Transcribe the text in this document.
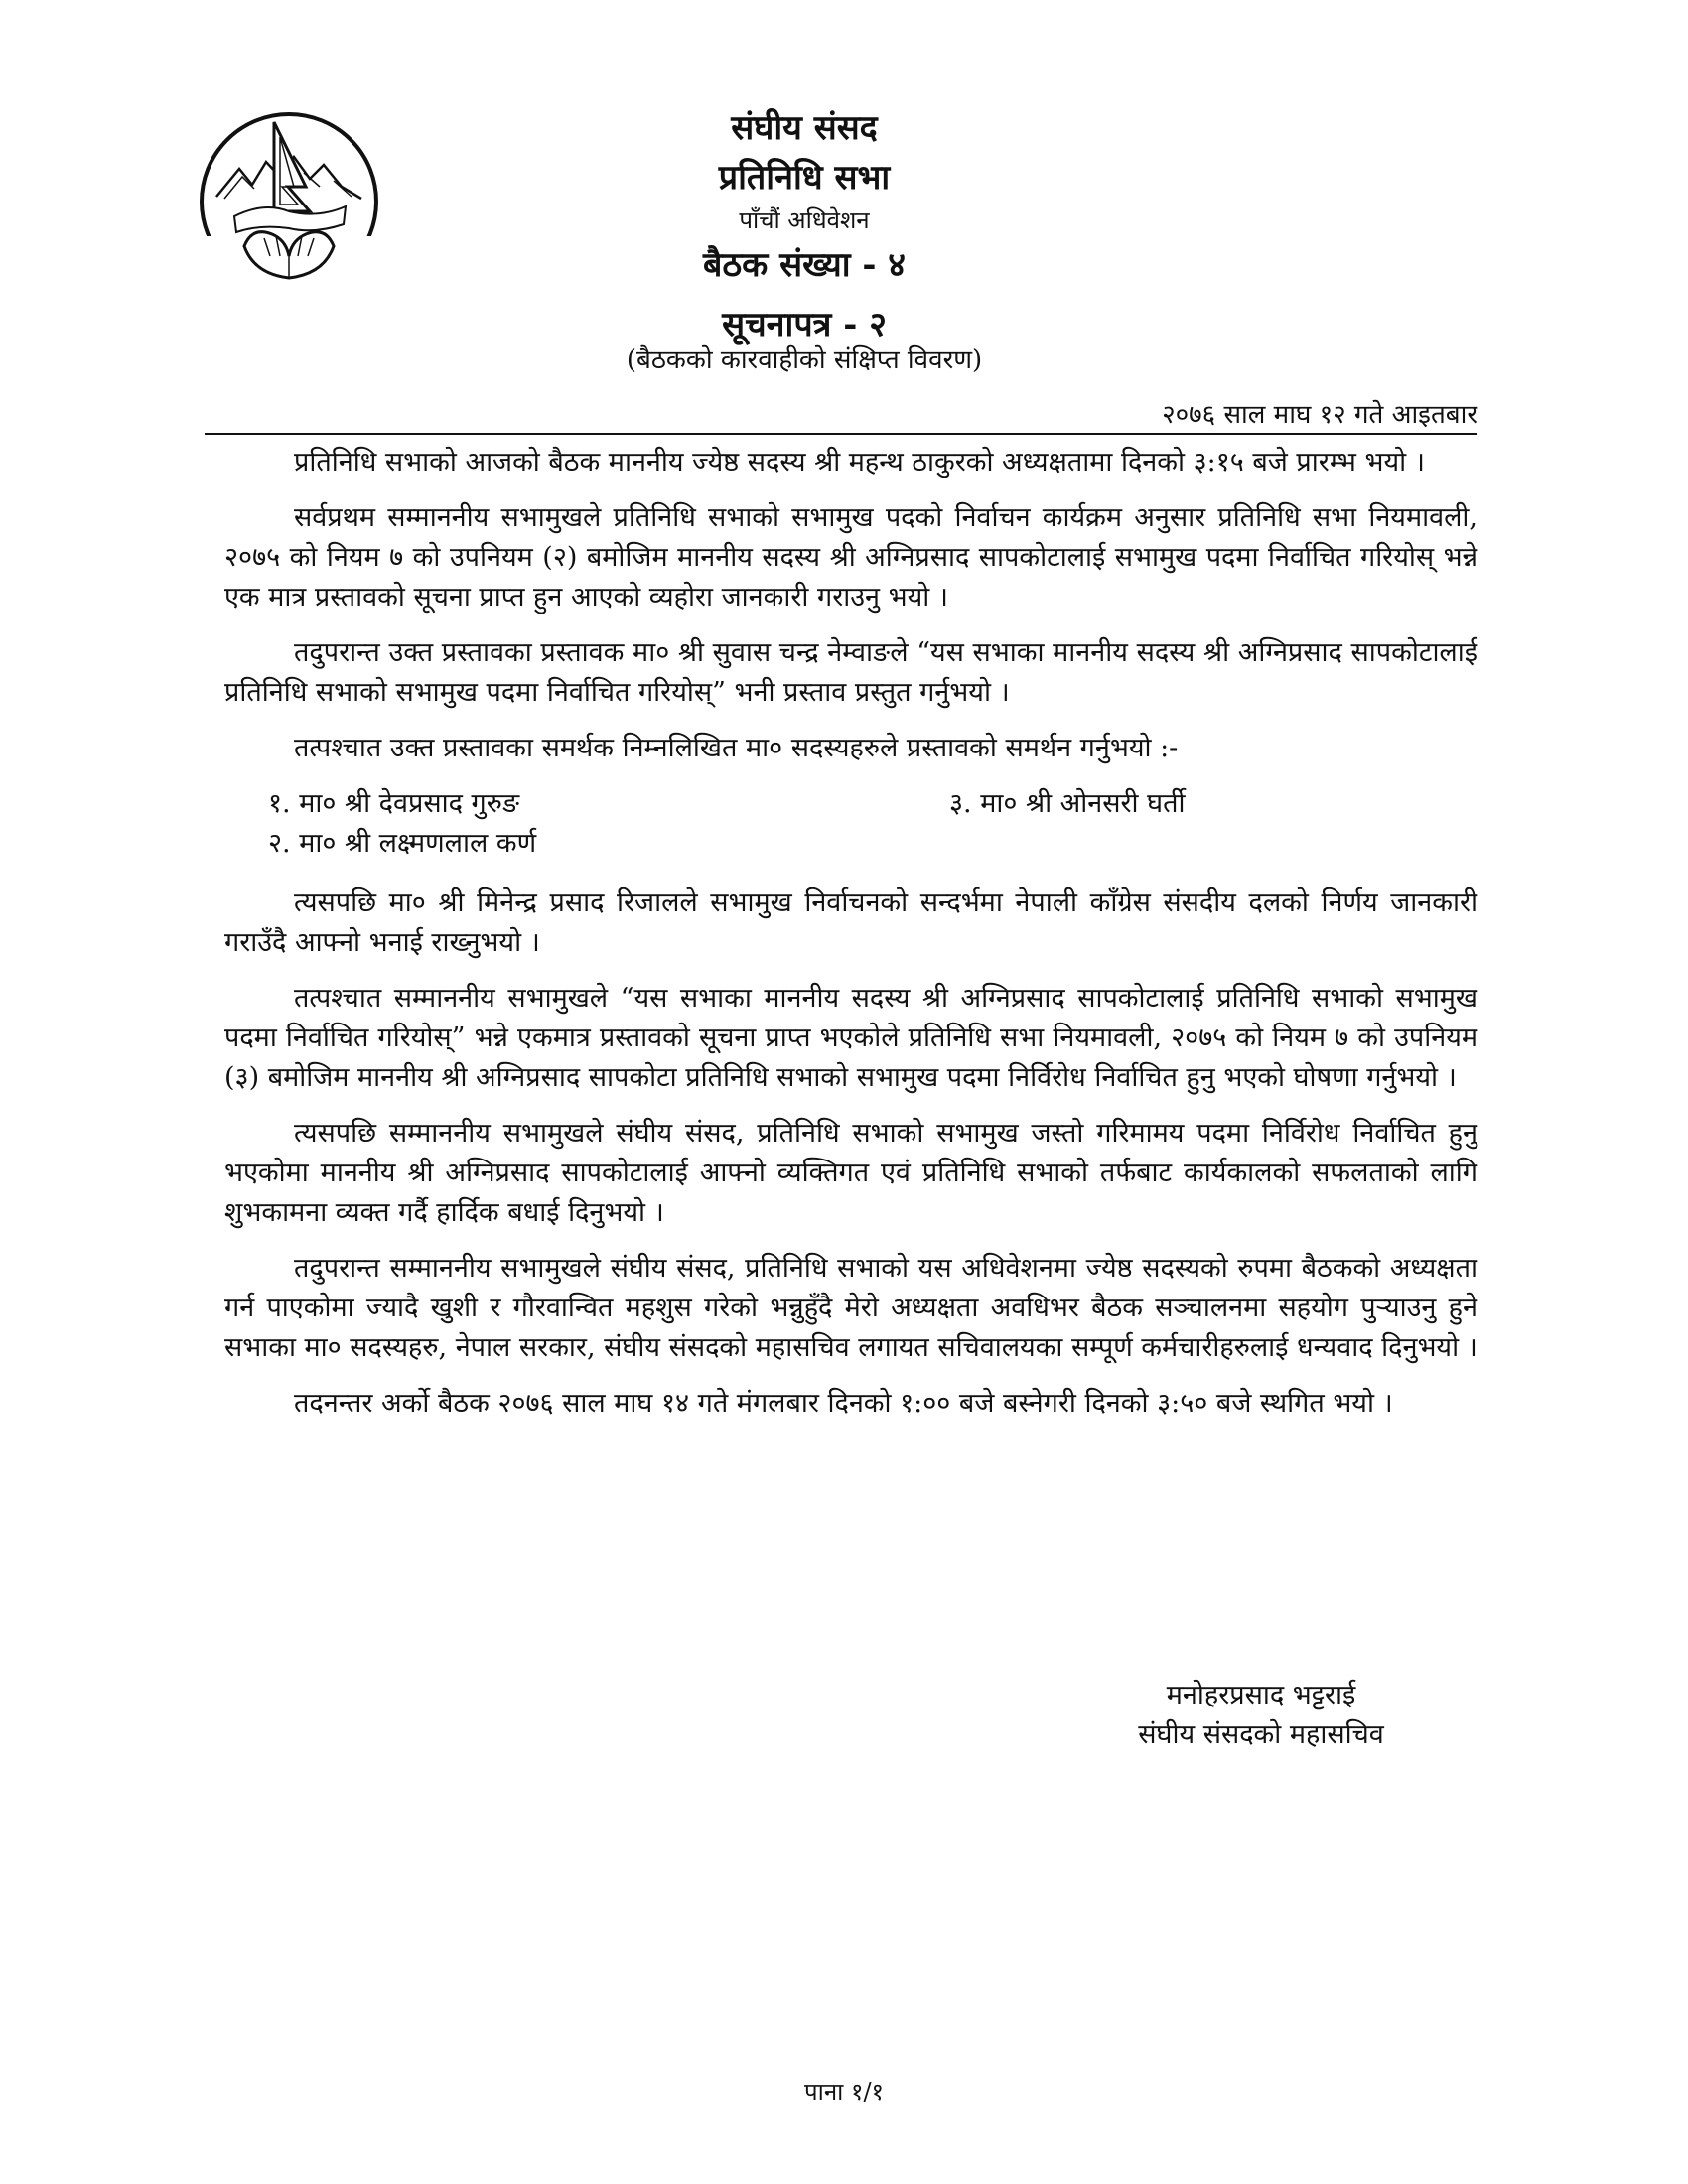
संघीय संसद
प्रतिनिधि सभा
पाँचौं अधिवेशन
बैठक संख्या - ४
सूचनापत्र - २
(बैठकको कारवाहीको संक्षिप्त विवरण)
२०७६ साल माघ १२ गते आइतबार

प्रतिनिधि सभाको आजको बैठक माननीय ज्येष्ठ सदस्य श्री महन्थ ठाकुरको अध्यक्षतामा दिनको ३:१५ बजे प्रारम्भ भयो ।

सर्वप्रथम सम्माननीय सभामुखले प्रतिनिधि सभाको सभामुख पदको निर्वाचन कार्यक्रम अनुसार प्रतिनिधि सभा नियमावली, २०७५ को नियम ७ को उपनियम (२) बमोजिम माननीय सदस्य श्री अग्निप्रसाद सापकोटालाई सभामुख पदमा निर्वाचित गरियोस् भन्ने एक मात्र प्रस्तावको सूचना प्राप्त हुन आएको व्यहोरा जानकारी गराउनु भयो ।

तदुपरान्त उक्त प्रस्तावका प्रस्तावक मा० श्री सुवास चन्द्र नेम्वाङले “यस सभाका माननीय सदस्य श्री अग्निप्रसाद सापकोटालाई प्रतिनिधि सभाको सभामुख पदमा निर्वाचित गरियोस्” भनी प्रस्ताव प्रस्तुत गर्नुभयो ।

तत्पश्चात उक्त प्रस्तावका समर्थक निम्नलिखित मा० सदस्यहरुले प्रस्तावको समर्थन गर्नुभयो :-

१. मा० श्री देवप्रसाद गुरुङ
२. मा० श्री लक्ष्मणलाल कर्ण
३. मा० श्री ओनसरी घर्ती

त्यसपछि मा० श्री मिनेन्द्र प्रसाद रिजालले सभामुख निर्वाचनको सन्दर्भमा नेपाली काँग्रेस संसदीय दलको निर्णय जानकारी गराउँदै आफ्नो भनाई राख्नुभयो ।

तत्पश्चात सम्माननीय सभामुखले “यस सभाका माननीय सदस्य श्री अग्निप्रसाद सापकोटालाई प्रतिनिधि सभाको सभामुख पदमा निर्वाचित गरियोस्” भन्ने एकमात्र प्रस्तावको सूचना प्राप्त भएकोले प्रतिनिधि सभा नियमावली, २०७५ को नियम ७ को उपनियम (३) बमोजिम माननीय श्री अग्निप्रसाद सापकोटा प्रतिनिधि सभाको सभामुख पदमा निर्विरोध निर्वाचित हुनु भएको घोषणा गर्नुभयो ।

त्यसपछि सम्माननीय सभामुखले संघीय संसद, प्रतिनिधि सभाको सभामुख जस्तो गरिमामय पदमा निर्विरोध निर्वाचित हुनु भएकोमा माननीय श्री अग्निप्रसाद सापकोटालाई आफ्नो व्यक्तिगत एवं प्रतिनिधि सभाको तर्फबाट कार्यकालको सफलताको लागि शुभकामना व्यक्त गर्दै हार्दिक बधाई दिनुभयो ।

तदुपरान्त सम्माननीय सभामुखले संघीय संसद, प्रतिनिधि सभाको यस अधिवेशनमा ज्येष्ठ सदस्यको रुपमा बैठकको अध्यक्षता गर्न पाएकोमा ज्यादै खुशी र गौरवान्वित महशुस गरेको भन्नुहुँदै मेरो अध्यक्षता अवधिभर बैठक सञ्चालनमा सहयोग पुर्‍याउनु हुने सभाका मा० सदस्यहरु, नेपाल सरकार, संघीय संसदको महासचिव लगायत सचिवालयका सम्पूर्ण कर्मचारीहरुलाई धन्यवाद दिनुभयो ।

तदनन्तर अर्को बैठक २०७६ साल माघ १४ गते मंगलबार दिनको १:०० बजे बस्नेगरी दिनको ३:५० बजे स्थगित भयो ।

मनोहरप्रसाद भट्टराई
संघीय संसदको महासचिव
पाना १/१
